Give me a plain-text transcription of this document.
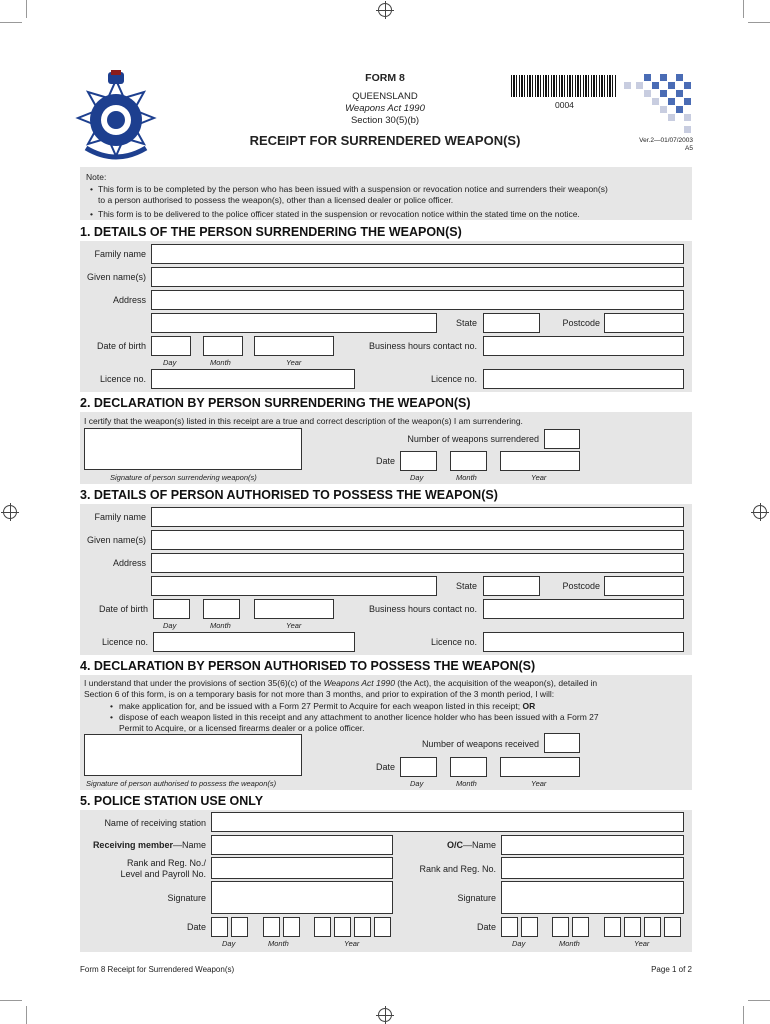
FORM 8
QUEENSLAND
Weapons Act 1990
Section 30(5)(b)
RECEIPT FOR SURRENDERED WEAPON(S)
0004
Ver.2—01/07/2003
A5
Note:
• This form is to be completed by the person who has been issued with a suspension or revocation notice and surrenders their weapon(s)
to a person authorised to possess the weapon(s), other than a licensed dealer or police officer.
• This form is to be delivered to the police officer stated in the suspension or revocation notice within the stated time on the notice.
1. DETAILS OF THE PERSON SURRENDERING THE WEAPON(S)
Family name
Given name(s)
Address
State	Postcode
Date of birth
Day	Month	Year
Business hours contact no.
Licence no.	Licence no.
2. DECLARATION BY PERSON SURRENDERING THE WEAPON(S)
I certify that the weapon(s) listed in this receipt are a true and correct description of the weapon(s) I am surrendering.
Signature of person surrendering weapon(s)
Number of weapons surrendered
Date
Day	Month	Year
3. DETAILS OF PERSON AUTHORISED TO POSSESS THE WEAPON(S)
Family name
Given name(s)
Address
State	Postcode
Date of birth
Day	Month	Year
Business hours contact no.
Licence no.	Licence no.
4. DECLARATION BY PERSON AUTHORISED TO POSSESS THE WEAPON(S)
I understand that under the provisions of section 35(6)(c) of the Weapons Act 1990 (the Act), the acquisition of the weapon(s), detailed in
Section 6 of this form, is on a temporary basis for not more than 3 months, and prior to expiration of the 3 month period, I will:
• make application for, and be issued with a Form 27 Permit to Acquire for each weapon listed in this receipt; OR
• dispose of each weapon listed in this receipt and any attachment to another licence holder who has been issued with a Form 27
Permit to Acquire, or a licensed firearms dealer or a police officer.
Signature of person authorised to possess the weapon(s)
Number of weapons received
Date
Day	Month	Year
5. POLICE STATION USE ONLY
Name of receiving station
Receiving member—Name	O/C—Name
Rank and Reg. No./
Level and Payroll No.	Rank and Reg. No.
Signature	Signature
Date	Date
Day	Month	Year	Day	Month	Year
Form 8 Receipt for Surrendered Weapon(s)	Page 1 of 2
